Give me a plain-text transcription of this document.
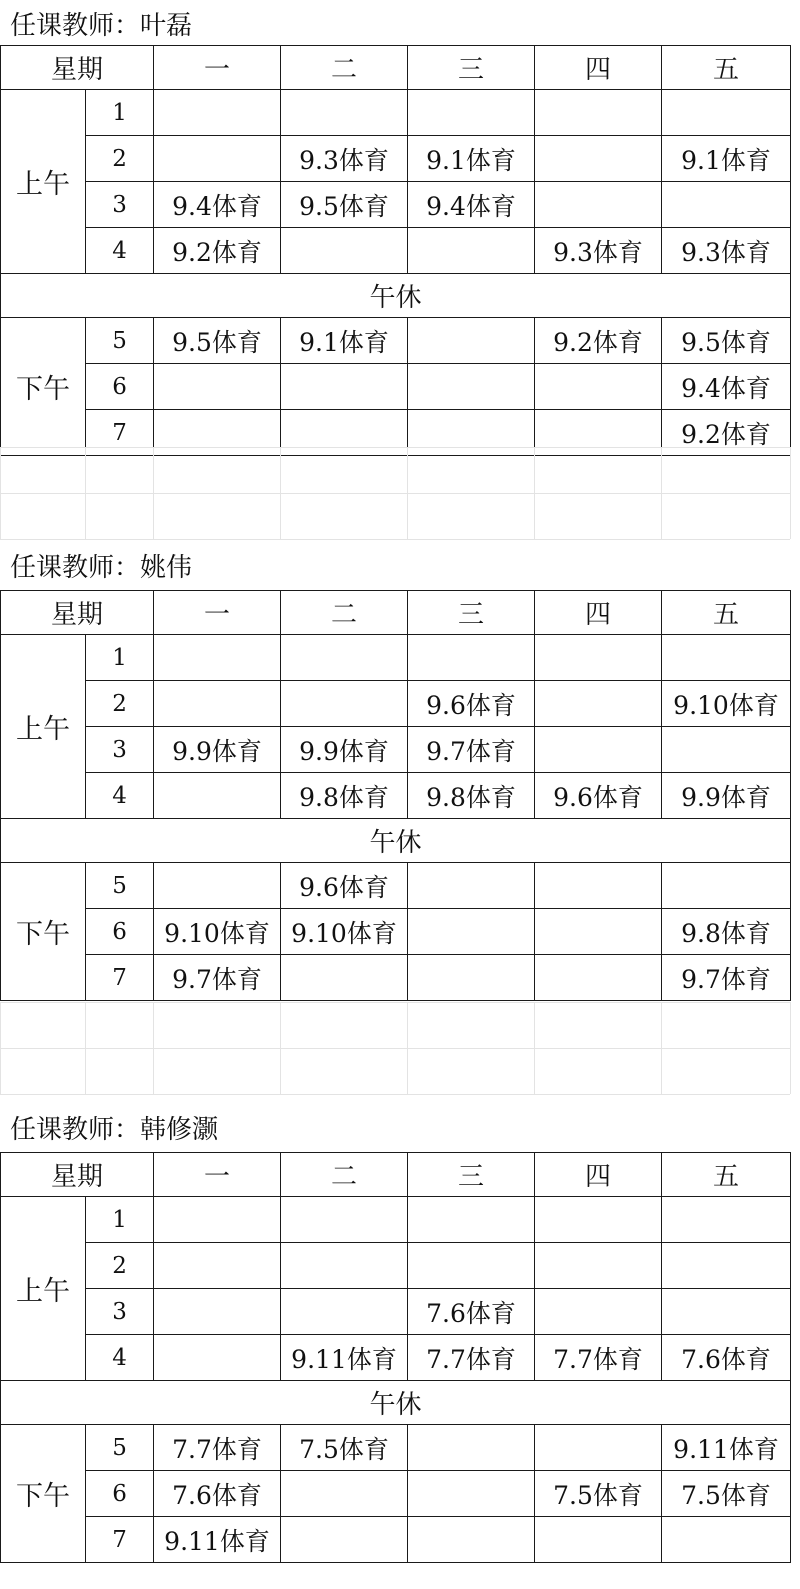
任课教师：叶磊
星期		一	二	三	四	五
上午	1					
	2		9.3体育	9.1体育		9.1体育
	3	9.4体育	9.5体育	9.4体育		
	4	9.2体育			9.3体育	9.3体育
午休						
下午	5	9.5体育	9.1体育		9.2体育	9.5体育
	6					9.4体育
	7					9.2体育
任课教师：姚伟
星期		一	二	三	四	五
上午	1					
	2			9.6体育		9.10体育
	3	9.9体育	9.9体育	9.7体育		
	4		9.8体育	9.8体育	9.6体育	9.9体育
午休						
下午	5		9.6体育			
	6	9.10体育	9.10体育			9.8体育
	7	9.7体育				9.7体育
任课教师：韩修灏
星期		一	二	三	四	五
上午	1					
	2					
	3			7.6体育		
	4		9.11体育	7.7体育	7.7体育	7.6体育
午休						
下午	5	7.7体育	7.5体育			9.11体育
	6	7.6体育			7.5体育	7.5体育
	7	9.11体育				
